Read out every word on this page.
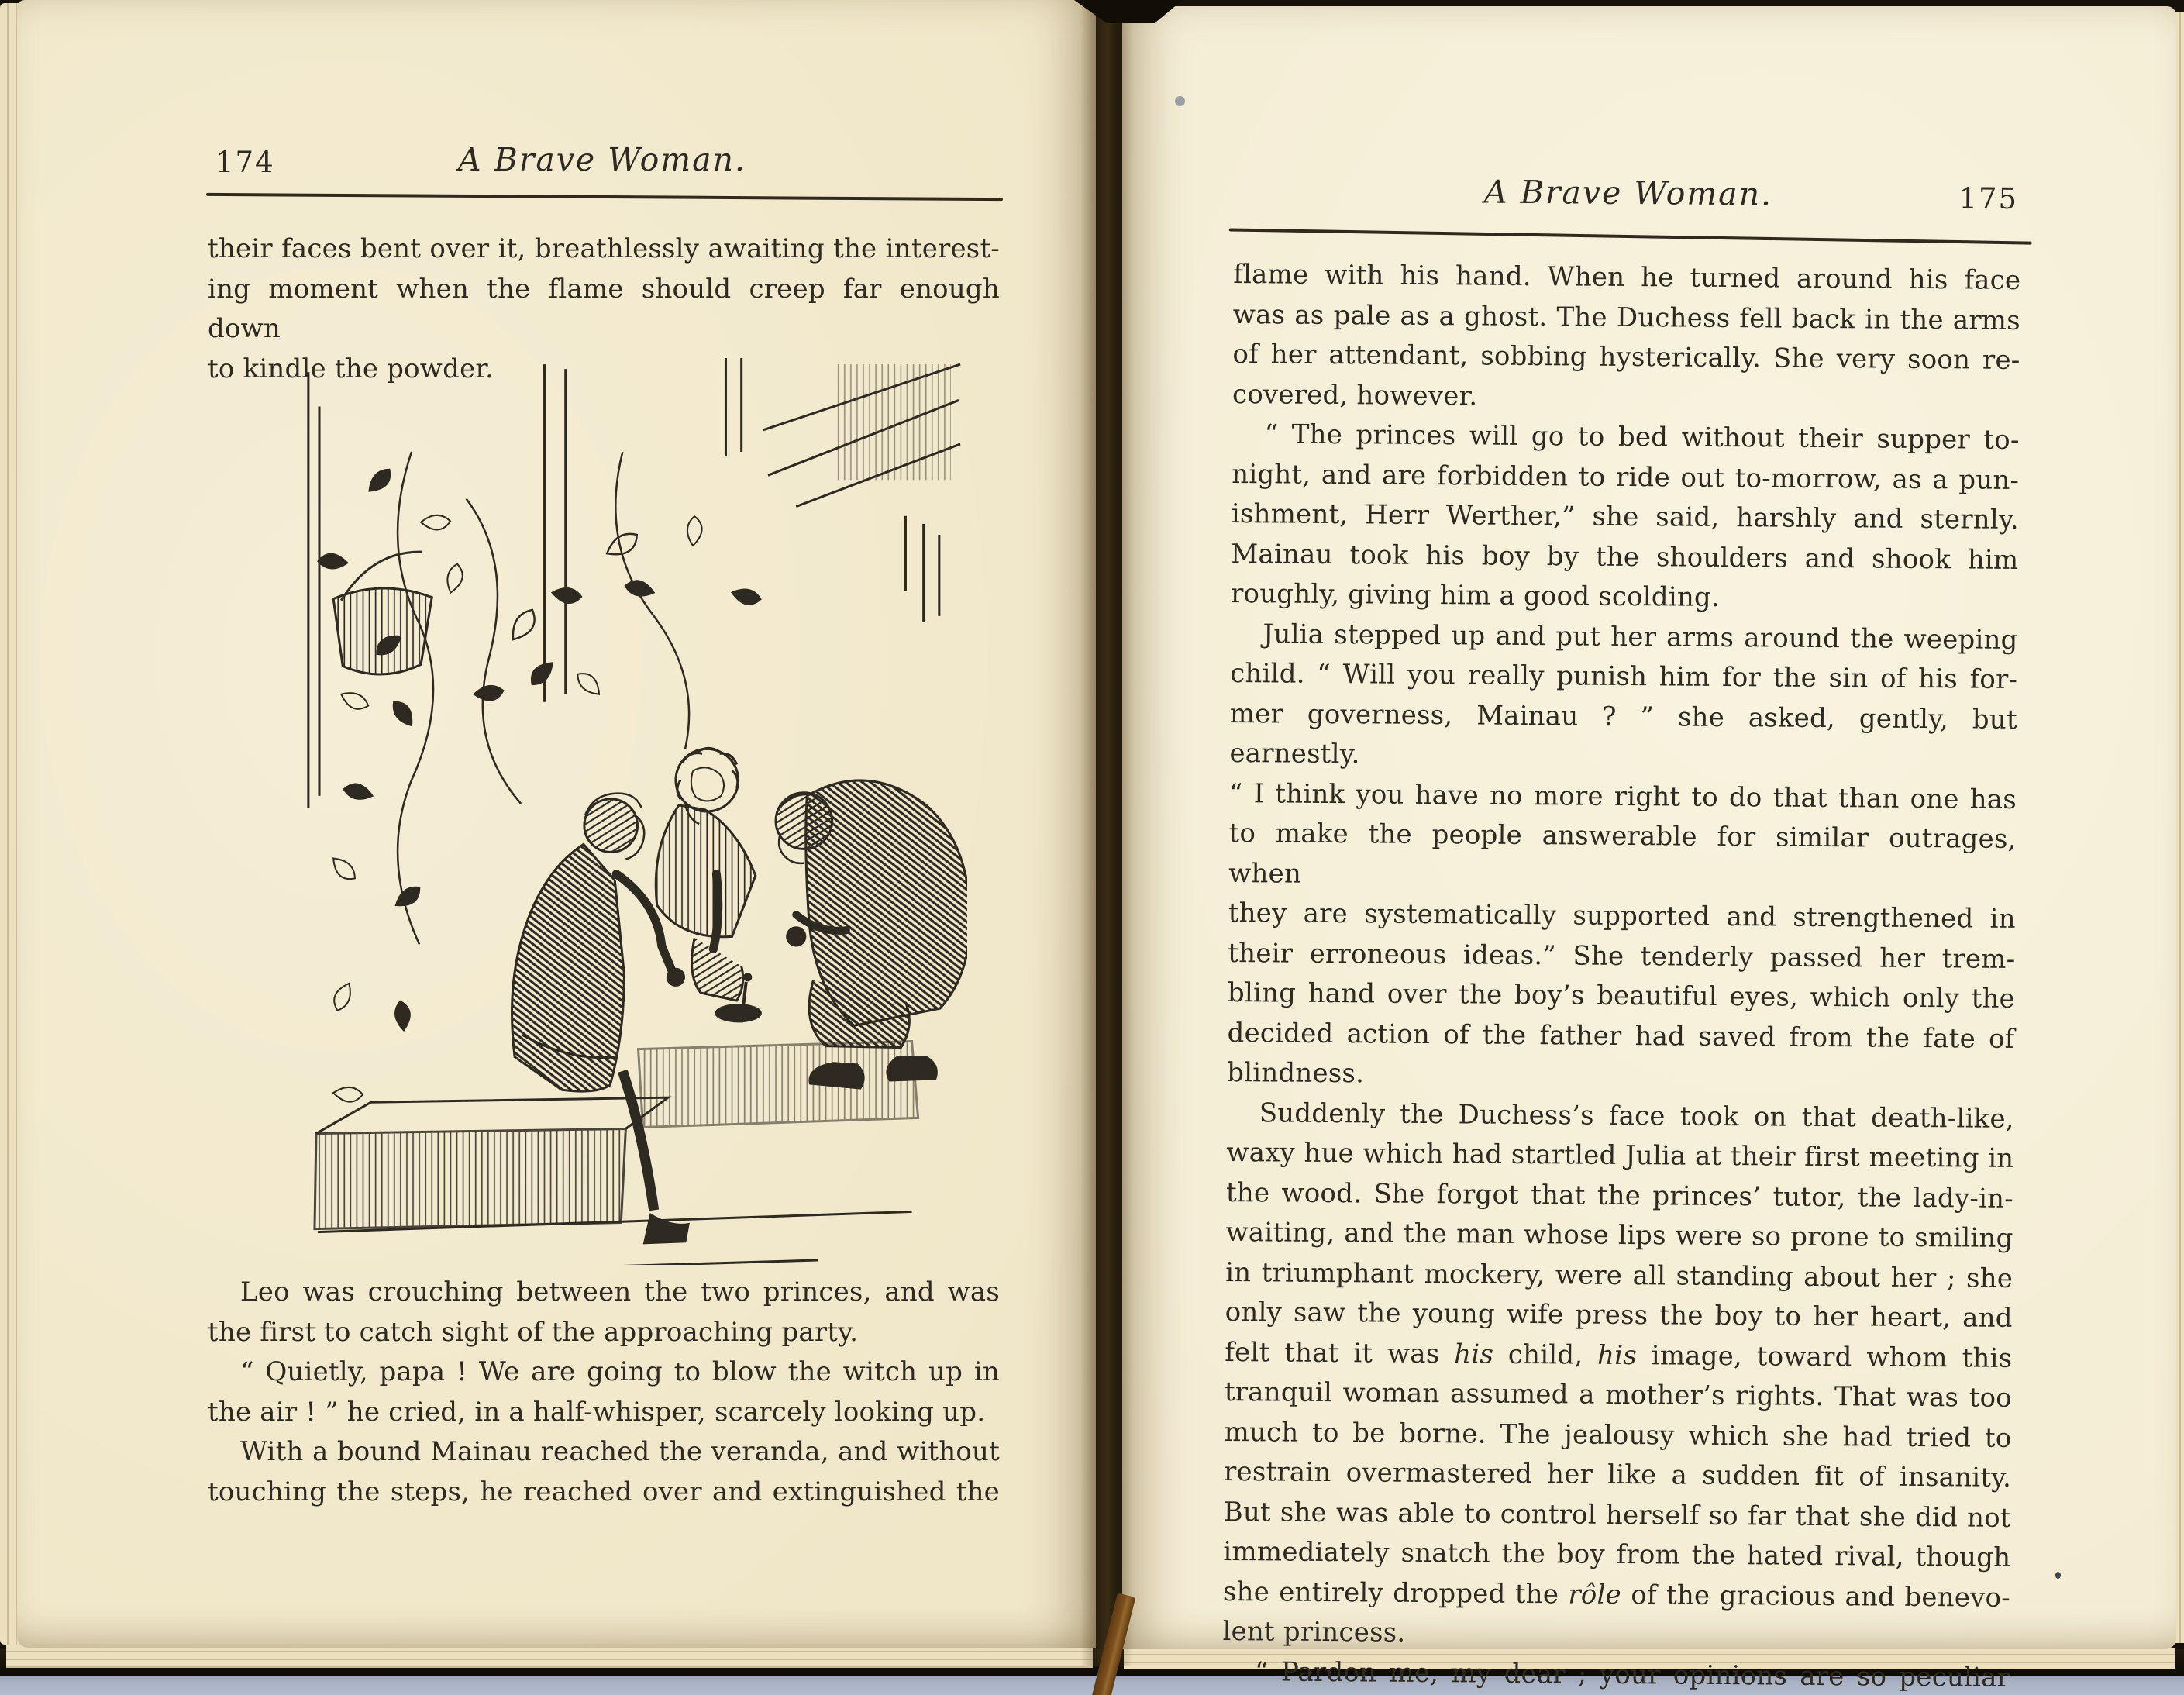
174	A Brave Woman.
their faces bent over it, breathlessly awaiting the interest-
ing moment when the flame should creep far enough down
to kindle the powder.
Leo was crouching between the two princes, and was
the first to catch sight of the approaching party.
“ Quietly, papa ! We are going to blow the witch up in
the air ! ” he cried, in a half-whisper, scarcely looking up.
With a bound Mainau reached the veranda, and without
touching the steps, he reached over and extinguished the
A Brave Woman.	175
flame with his hand. When he turned around his face
was as pale as a ghost. The Duchess fell back in the arms
of her attendant, sobbing hysterically. She very soon re-
covered, however.
“ The princes will go to bed without their supper to-
night, and are forbidden to ride out to-morrow, as a pun-
ishment, Herr Werther,” she said, harshly and sternly.
Mainau took his boy by the shoulders and shook him
roughly, giving him a good scolding.
Julia stepped up and put her arms around the weeping
child. “ Will you really punish him for the sin of his for-
mer governess, Mainau ? ” she asked, gently, but earnestly.
“ I think you have no more right to do that than one has
to make the people answerable for similar outrages, when
they are systematically supported and strengthened in
their erroneous ideas.” She tenderly passed her trem-
bling hand over the boy’s beautiful eyes, which only the
decided action of the father had saved from the fate of
blindness.
Suddenly the Duchess’s face took on that death-like,
waxy hue which had startled Julia at their first meeting in
the wood. She forgot that the princes’ tutor, the lady-in-
waiting, and the man whose lips were so prone to smiling
in triumphant mockery, were all standing about her ; she
only saw the young wife press the boy to her heart, and
felt that it was his child, his image, toward whom this
tranquil woman assumed a mother’s rights. That was too
much to be borne. The jealousy which she had tried to
restrain overmastered her like a sudden fit of insanity.
But she was able to control herself so far that she did not
immediately snatch the boy from the hated rival, though
she entirely dropped the rôle of the gracious and benevo-
lent princess.
“ Pardon me, my dear ; your opinions are so peculiar
